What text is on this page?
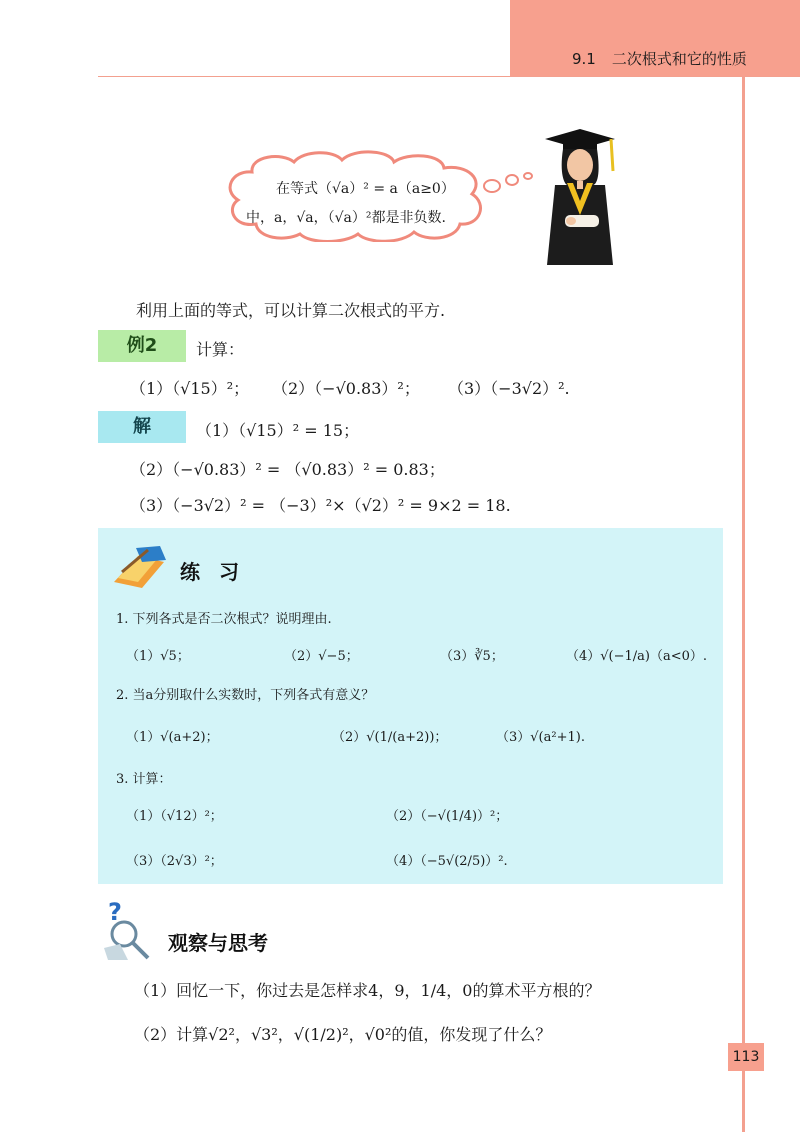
9.1 二次根式和它的性质
在等式（√a）² = a（a≥0）
中，a，√a，（√a）²都是非负数.
利用上面的等式，可以计算二次根式的平方.
例2	计算：
（1）（√15）²； （2）（−√0.83）²； （3）（−3√2）².
解	（1）（√15）² = 15；
（2）（−√0.83）² = （√0.83）² = 0.83；
（3）（−3√2）² = （−3）²×（√2）² = 9×2 = 18.
练 习
1. 下列各式是否二次根式？说明理由.
（1）√5；	（2）√−5；	（3）∛5；	（4）√(−1/a)（a<0）.
2. 当a分别取什么实数时，下列各式有意义？
（1）√(a+2)；	（2）√(1/(a+2))；	（3）√(a²+1).
3. 计算：
（1）（√12）²；	（2）（−√(1/4)）²；
（3）（2√3）²；	（4）（−5√(2/5)）².
?
观察与思考
（1）回忆一下，你过去是怎样求4，9，1/4，0的算术平方根的？
（2）计算√2²，√3²，√(1/2)²，√0²的值，你发现了什么？
113
